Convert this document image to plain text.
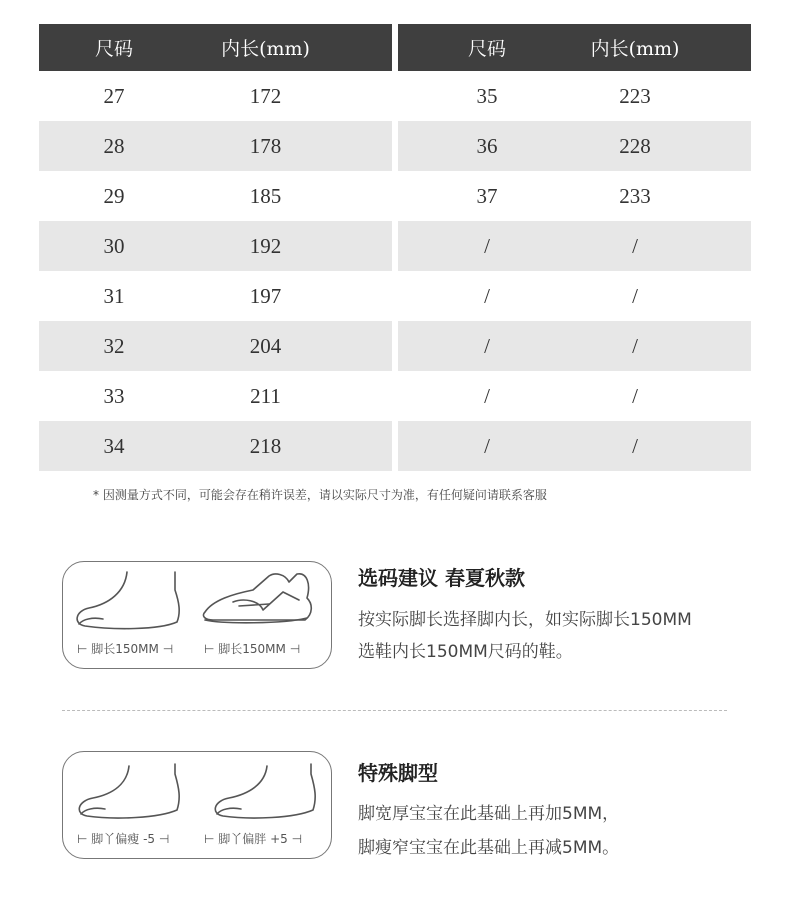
尺码	内长(mm)
27	172
28	178
29	185
30	192
31	197
32	204
33	211
34	218
尺码	内长(mm)
35	223
36	228
37	233
/	/
/	/
/	/
/	/
/	/
* 因测量方式不同，可能会存在稍许误差，请以实际尺寸为准，有任何疑问请联系客服
⊢ 脚长150MM ⊣	⊢ 脚长150MM ⊣
选码建议 春夏秋款
按实际脚长选择脚内长，如实际脚长150MM
选鞋内长150MM尺码的鞋。
⊢ 脚丫偏瘦 -5 ⊣	⊢ 脚丫偏胖 +5 ⊣
特殊脚型
脚宽厚宝宝在此基础上再加5MM，
脚瘦窄宝宝在此基础上再减5MM。
